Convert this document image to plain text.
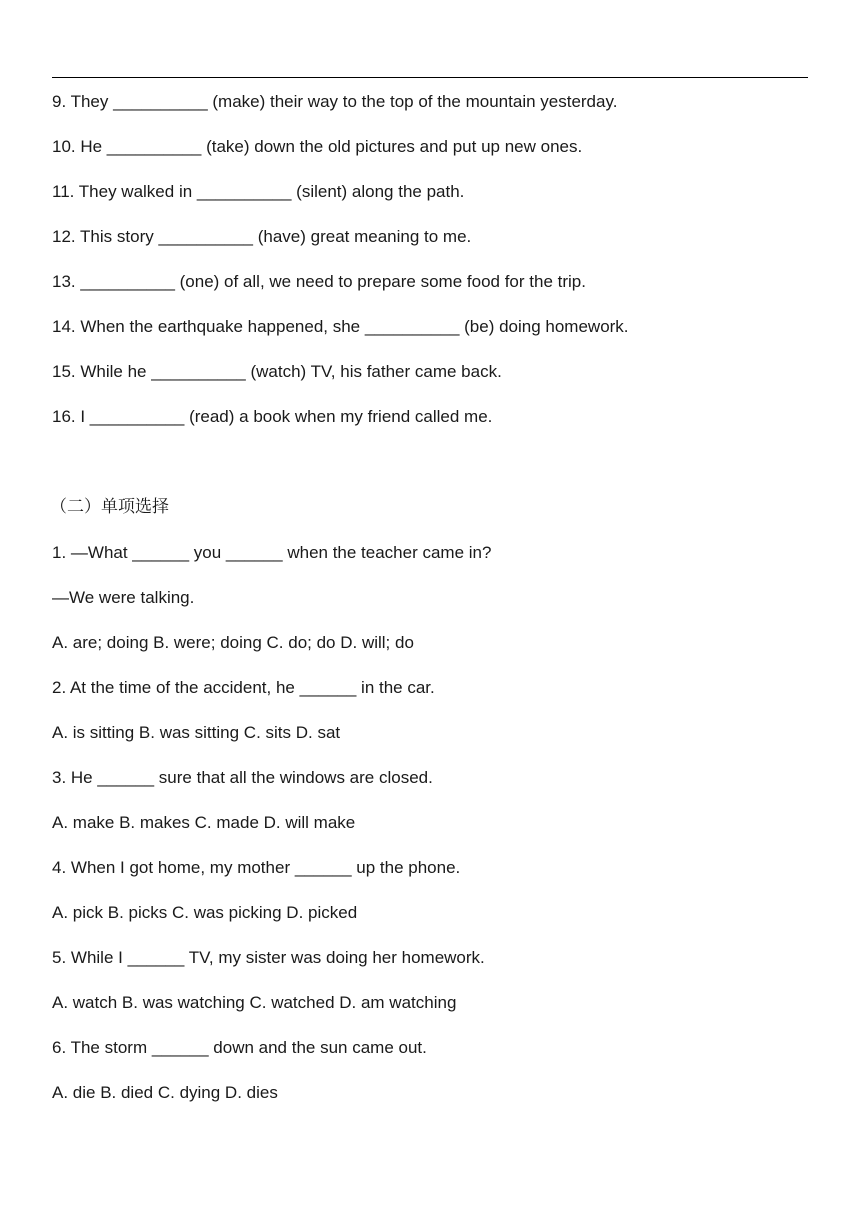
9. They __________ (make) their way to the top of the mountain yesterday.
10. He __________ (take) down the old pictures and put up new ones.
11. They walked in __________ (silent) along the path.
12. This story __________ (have) great meaning to me.
13. __________ (one) of all, we need to prepare some food for the trip.
14. When the earthquake happened, she __________ (be) doing homework.
15. While he __________ (watch) TV, his father came back.
16. I __________ (read) a book when my friend called me.
（二）单项选择
1. —What ______ you ______ when the teacher came in?
—We were talking.
A. are; doing B. were; doing C. do; do D. will; do
2. At the time of the accident, he ______ in the car.
A. is sitting B. was sitting C. sits D. sat
3. He ______ sure that all the windows are closed.
A. make B. makes C. made D. will make
4. When I got home, my mother ______ up the phone.
A. pick B. picks C. was picking D. picked
5. While I ______ TV, my sister was doing her homework.
A. watch B. was watching C. watched D. am watching
6. The storm ______ down and the sun came out.
A. die B. died C. dying D. dies
